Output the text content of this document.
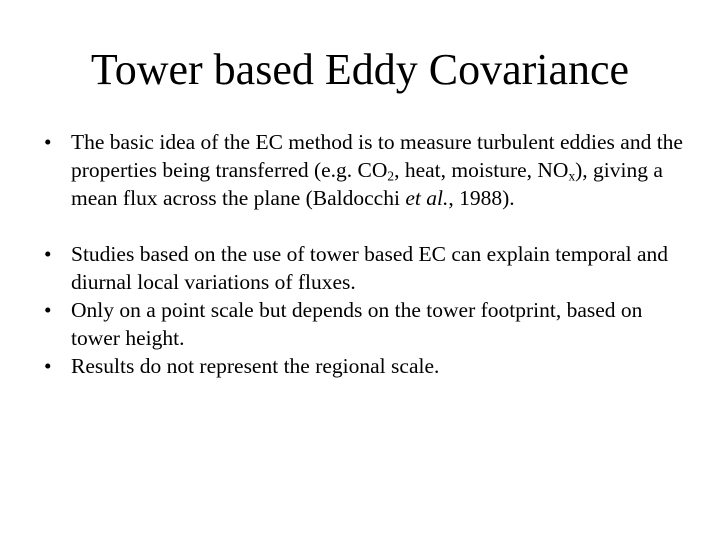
Tower based Eddy Covariance
• The basic idea of the EC method is to measure turbulent eddies and the properties being transferred (e.g. $CO_2$, heat, moisture, $NO_x$), giving a mean flux across the plane (Baldocchi et al., 1988).
• Studies based on the use of tower based EC can explain temporal and diurnal local variations of fluxes.
• Only on a point scale but depends on the tower footprint, based on tower height.
• Results do not represent the regional scale.
